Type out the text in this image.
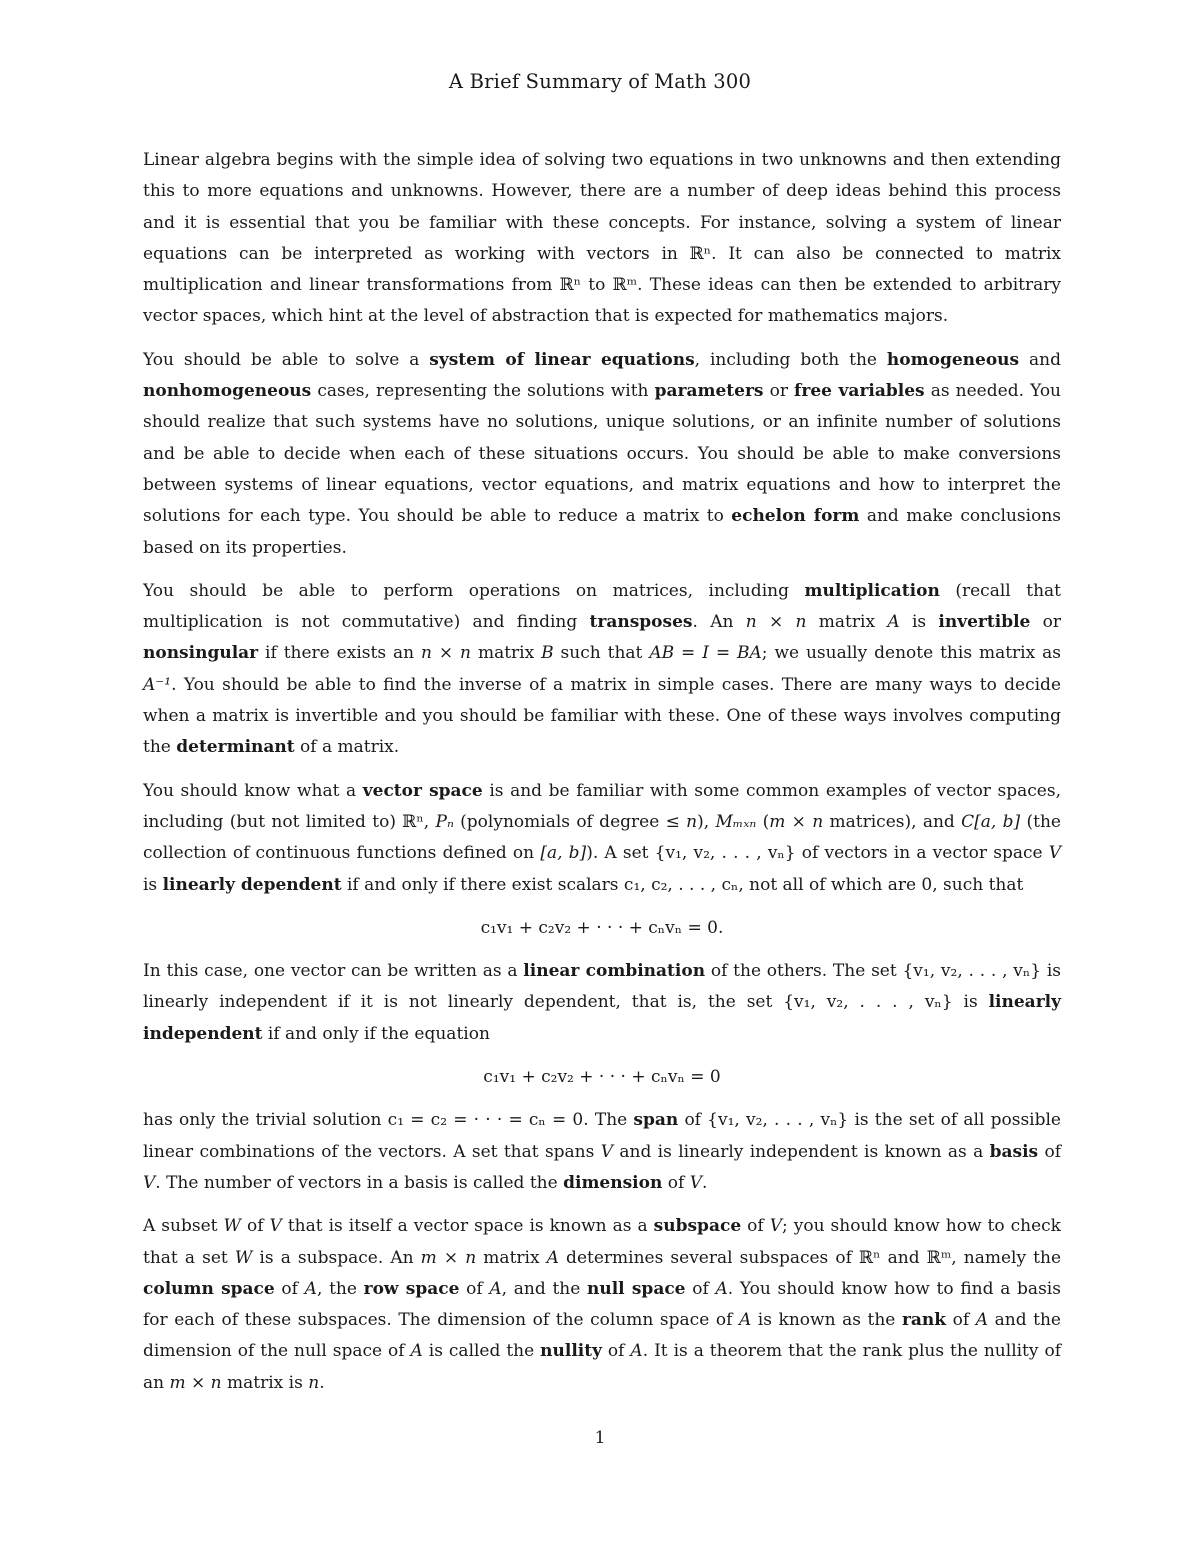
A Brief Summary of Math 300

Linear algebra begins with the simple idea of solving two equations in two unknowns and then extending this to more equations and unknowns. However, there are a number of deep ideas behind this process and it is essential that you be familiar with these concepts. For instance, solving a system of linear equations can be interpreted as working with vectors in ℝⁿ. It can also be connected to matrix multiplication and linear transformations from ℝⁿ to ℝᵐ. These ideas can then be extended to arbitrary vector spaces, which hint at the level of abstraction that is expected for mathematics majors.

You should be able to solve a system of linear equations, including both the homogeneous and nonhomogeneous cases, representing the solutions with parameters or free variables as needed. You should realize that such systems have no solutions, unique solutions, or an infinite number of solutions and be able to decide when each of these situations occurs. You should be able to make conversions between systems of linear equations, vector equations, and matrix equations and how to interpret the solutions for each type. You should be able to reduce a matrix to echelon form and make conclusions based on its properties.

You should be able to perform operations on matrices, including multiplication (recall that multiplication is not commutative) and finding transposes. An n × n matrix A is invertible or nonsingular if there exists an n × n matrix B such that AB = I = BA; we usually denote this matrix as A⁻¹. You should be able to find the inverse of a matrix in simple cases. There are many ways to decide when a matrix is invertible and you should be familiar with these. One of these ways involves computing the determinant of a matrix.

You should know what a vector space is and be familiar with some common examples of vector spaces, including (but not limited to) ℝⁿ, Pₙ (polynomials of degree ≤ n), Mₘₓₙ (m × n matrices), and C[a, b] (the collection of continuous functions defined on [a, b]). A set {v₁, v₂, . . . , vₙ} of vectors in a vector space V is linearly dependent if and only if there exist scalars c₁, c₂, . . . , cₙ, not all of which are 0, such that

c₁v₁ + c₂v₂ + · · · + cₙvₙ = 0.

In this case, one vector can be written as a linear combination of the others. The set {v₁, v₂, . . . , vₙ} is linearly independent if it is not linearly dependent, that is, the set {v₁, v₂, . . . , vₙ} is linearly independent if and only if the equation

c₁v₁ + c₂v₂ + · · · + cₙvₙ = 0

has only the trivial solution c₁ = c₂ = · · · = cₙ = 0. The span of {v₁, v₂, . . . , vₙ} is the set of all possible linear combinations of the vectors. A set that spans V and is linearly independent is known as a basis of V. The number of vectors in a basis is called the dimension of V.

A subset W of V that is itself a vector space is known as a subspace of V; you should know how to check that a set W is a subspace. An m × n matrix A determines several subspaces of ℝⁿ and ℝᵐ, namely the column space of A, the row space of A, and the null space of A. You should know how to find a basis for each of these subspaces. The dimension of the column space of A is known as the rank of A and the dimension of the null space of A is called the nullity of A. It is a theorem that the rank plus the nullity of an m × n matrix is n.

1
